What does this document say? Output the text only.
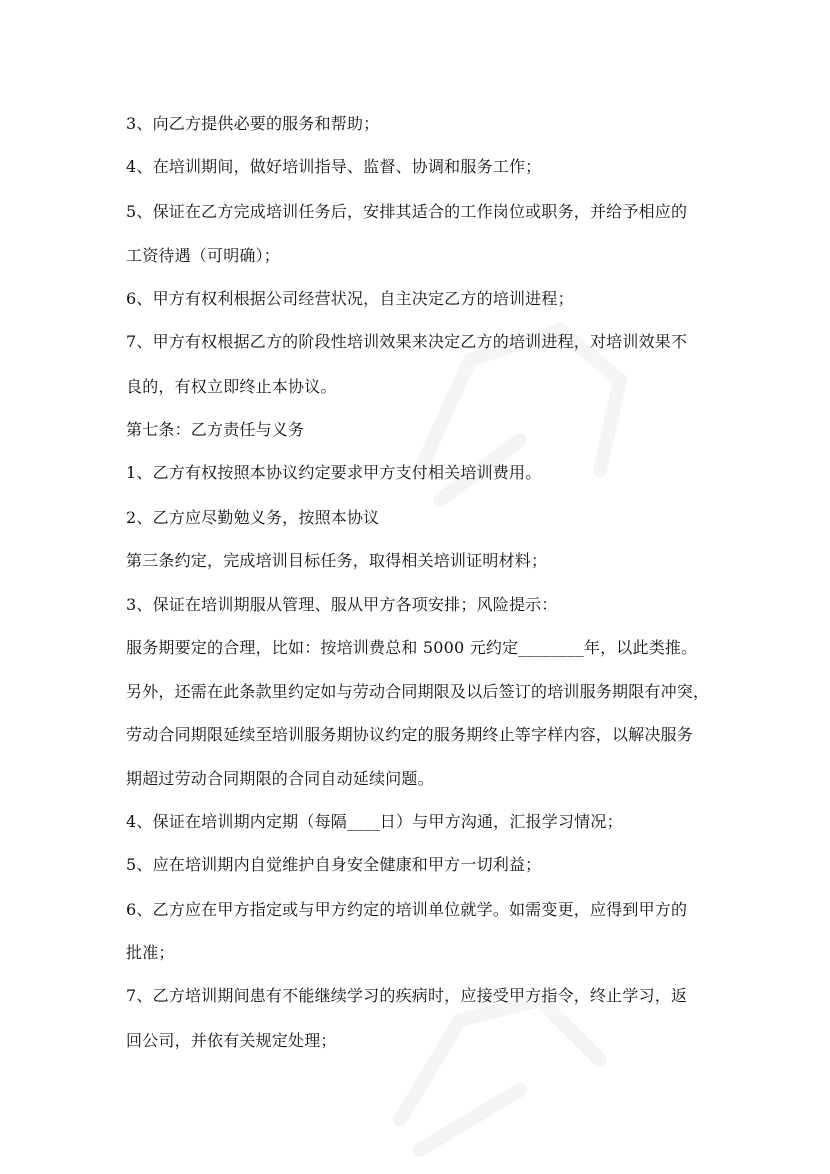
3、向乙方提供必要的服务和帮助；
4、在培训期间，做好培训指导、监督、协调和服务工作；
5、保证在乙方完成培训任务后，安排其适合的工作岗位或职务，并给予相应的
工资待遇（可明确）；
6、甲方有权利根据公司经营状况，自主决定乙方的培训进程；
7、甲方有权根据乙方的阶段性培训效果来决定乙方的培训进程，对培训效果不
良的，有权立即终止本协议。
第七条：乙方责任与义务
1、乙方有权按照本协议约定要求甲方支付相关培训费用。
2、乙方应尽勤勉义务，按照本协议
第三条约定，完成培训目标任务，取得相关培训证明材料；
3、保证在培训期服从管理、服从甲方各项安排；风险提示：
服务期要定的合理，比如：按培训费总和 5000 元约定________年，以此类推。
另外，还需在此条款里约定如与劳动合同期限及以后签订的培训服务期限有冲突，
劳动合同期限延续至培训服务期协议约定的服务期终止等字样内容，以解决服务
期超过劳动合同期限的合同自动延续问题。
4、保证在培训期内定期（每隔____日）与甲方沟通，汇报学习情况；
5、应在培训期内自觉维护自身安全健康和甲方一切利益；
6、乙方应在甲方指定或与甲方约定的培训单位就学。如需变更，应得到甲方的
批准；
7、乙方培训期间患有不能继续学习的疾病时，应接受甲方指令，终止学习，返
回公司，并依有关规定处理；
